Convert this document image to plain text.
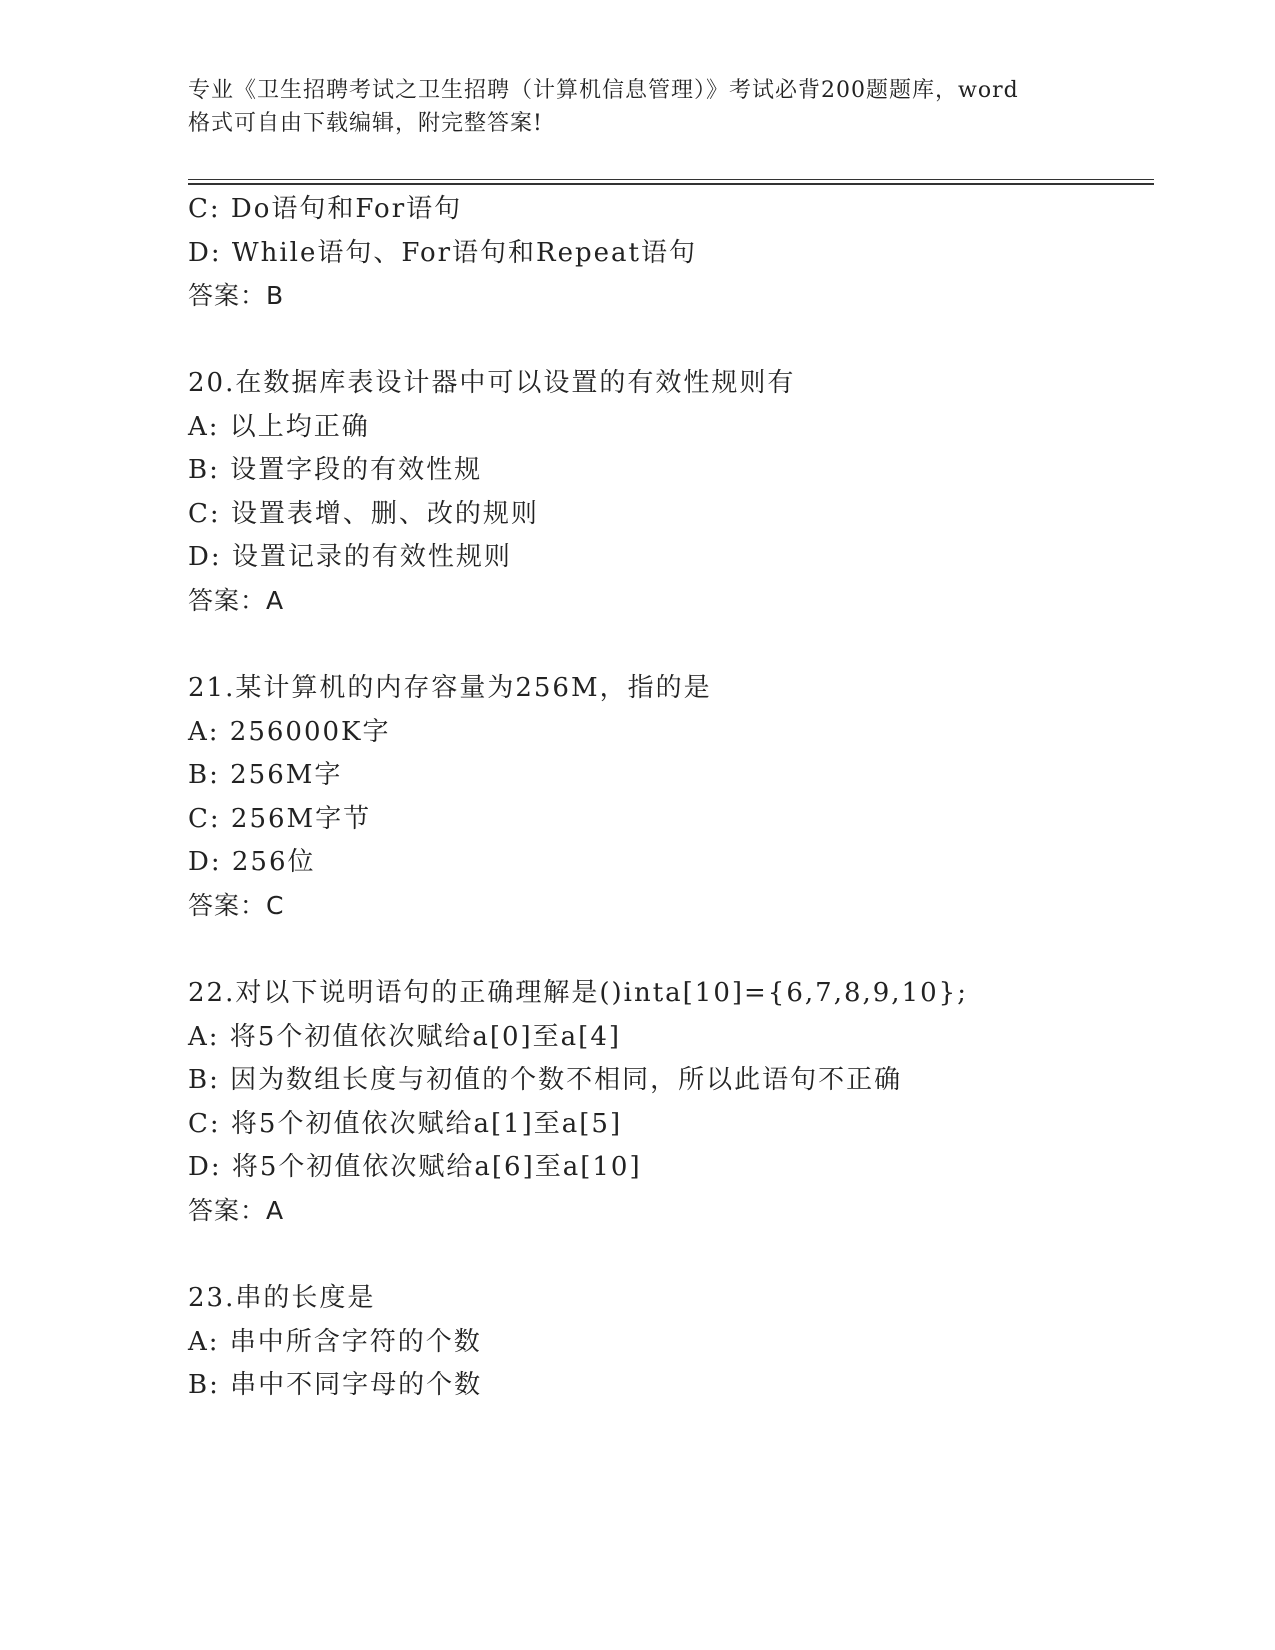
专业《卫生招聘考试之卫生招聘（计算机信息管理）》考试必背200题题库，word
格式可自由下载编辑，附完整答案!
C: Do语句和For语句
D: While语句、For语句和Repeat语句
答案：B
20.在数据库表设计器中可以设置的有效性规则有
A: 以上均正确
B: 设置字段的有效性规
C: 设置表增、删、改的规则
D: 设置记录的有效性规则
答案：A
21.某计算机的内存容量为256M，指的是
A: 256000K字
B: 256M字
C: 256M字节
D: 256位
答案：C
22.对以下说明语句的正确理解是()inta[10]={6,7,8,9,10};
A: 将5个初值依次赋给a[0]至a[4]
B: 因为数组长度与初值的个数不相同，所以此语句不正确
C: 将5个初值依次赋给a[1]至a[5]
D: 将5个初值依次赋给a[6]至a[10]
答案：A
23.串的长度是
A: 串中所含字符的个数
B: 串中不同字母的个数
